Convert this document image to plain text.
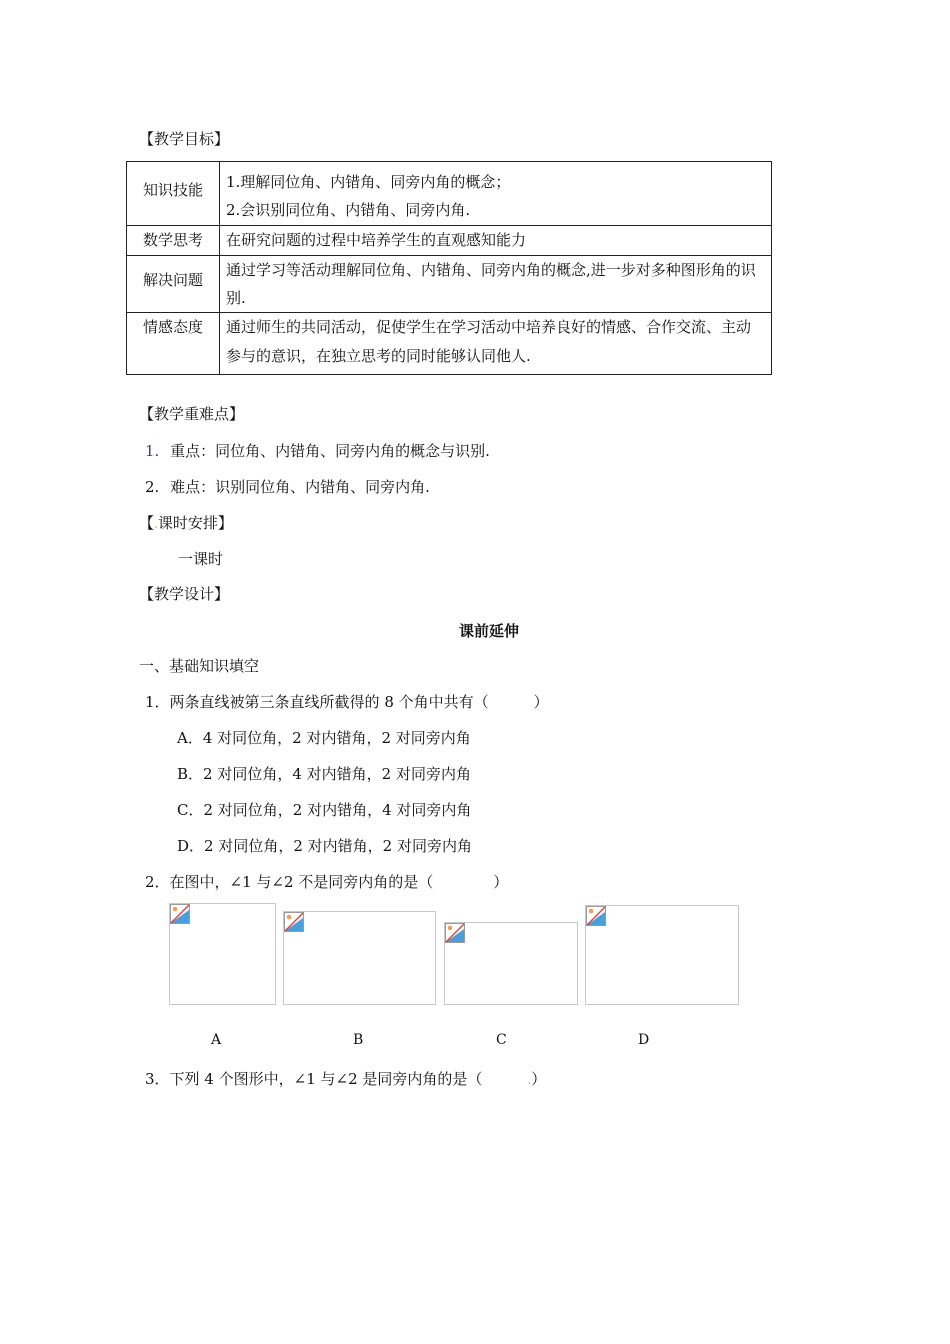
【教学目标】
知识技能	1.理解同位角、内错角、同旁内角的概念；
2.会识别同位角、内错角、同旁内角.

数学思考	在研究问题的过程中培养学生的直观感知能力

解决问题	通过学习等活动理解同位角、内错角、同旁内角的概念,进一步对多种图形角的识别.

情感态度	通过师生的共同活动，促使学生在学习活动中培养良好的情感、合作交流、主动参与的意识，在独立思考的同时能够认同他人.
【教学重难点】
1. 重点：同位角、内错角、同旁内角的概念与识别.
2. 难点：识别同位角、内错角、同旁内角.
【.课时安排】
一课时
【教学设计】
课前延伸
一、基础知识填空
1．两条直线被第三条直线所截得的 8 个角中共有（　　　）
A．4 对同位角，2 对内错角，2 对同旁内角
B．2 对同位角，4 对内错角，2 对同旁内角
C．2 对同位角，2 对内错角，4 对同旁内角
D．2 对同位角，2 对内错角，2 对同旁内角
2．在图中，∠1 与∠2 不是同旁内角的是（　　　　）
A	B	C	D
3．下列 4 个图形中，∠1 与∠2 是同旁内角的是（　　　.）
